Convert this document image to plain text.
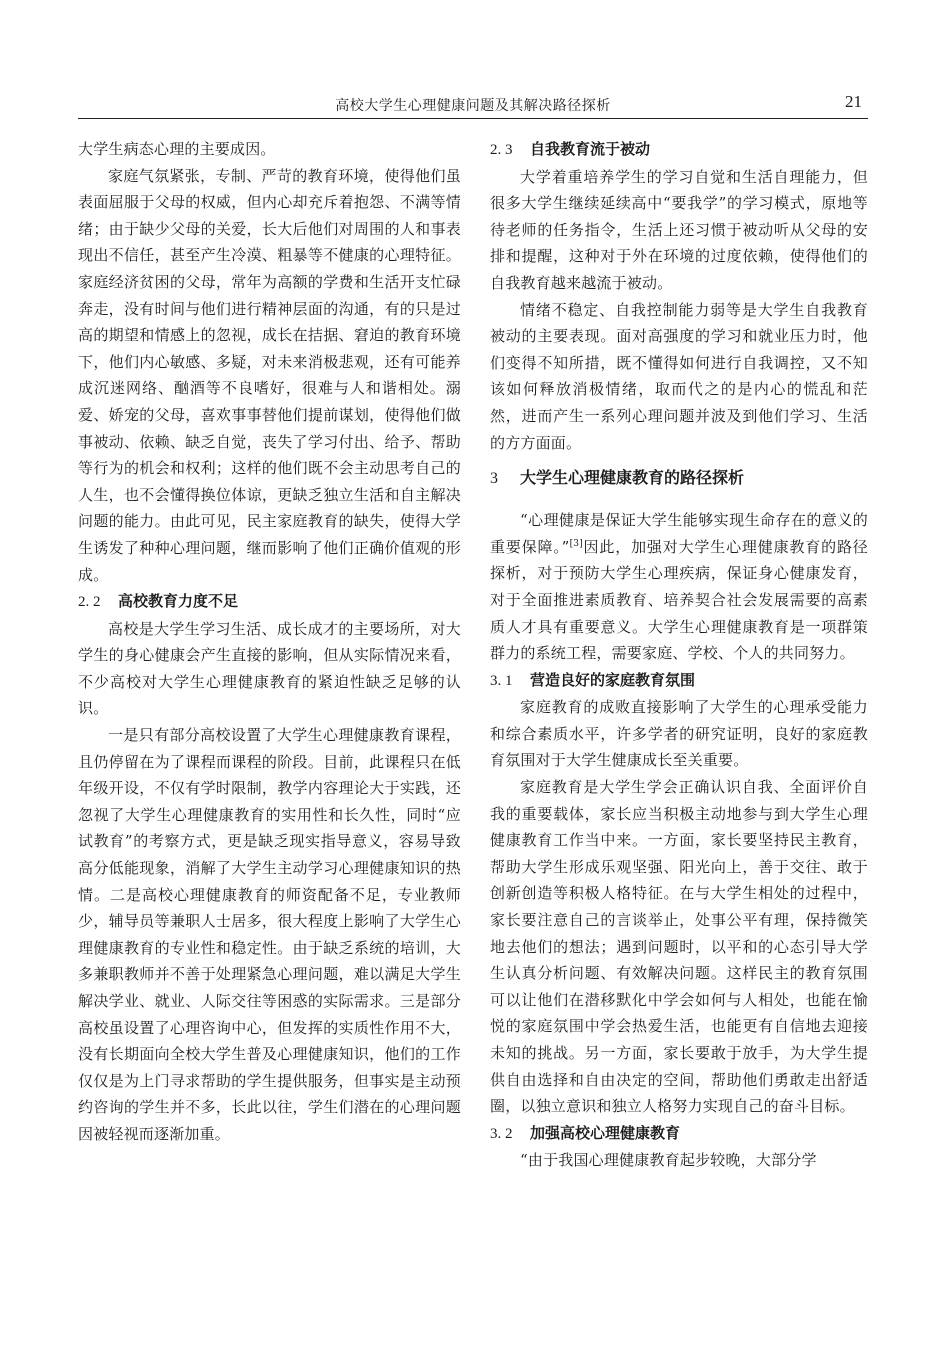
高校大学生心理健康问题及其解决路径探析	21

大学生病态心理的主要成因。

家庭气氛紧张，专制、严苛的教育环境，使得他们虽表面屈服于父母的权威，但内心却充斥着抱怨、不满等情绪；由于缺少父母的关爱，长大后他们对周围的人和事表现出不信任，甚至产生冷漠、粗暴等不健康的心理特征。家庭经济贫困的父母，常年为高额的学费和生活开支忙碌奔走，没有时间与他们进行精神层面的沟通，有的只是过高的期望和情感上的忽视，成长在拮据、窘迫的教育环境下，他们内心敏感、多疑，对未来消极悲观，还有可能养成沉迷网络、酗酒等不良嗜好，很难与人和谐相处。溺爱、娇宠的父母，喜欢事事替他们提前谋划，使得他们做事被动、依赖、缺乏自觉，丧失了学习付出、给予、帮助等行为的机会和权利；这样的他们既不会主动思考自己的人生，也不会懂得换位体谅，更缺乏独立生活和自主解决问题的能力。由此可见，民主家庭教育的缺失，使得大学生诱发了种种心理问题，继而影响了他们正确价值观的形成。

2. 2 高校教育力度不足

高校是大学生学习生活、成长成才的主要场所，对大学生的身心健康会产生直接的影响，但从实际情况来看，不少高校对大学生心理健康教育的紧迫性缺乏足够的认识。

一是只有部分高校设置了大学生心理健康教育课程，且仍停留在为了课程而课程的阶段。目前，此课程只在低年级开设，不仅有学时限制，教学内容理论大于实践，还忽视了大学生心理健康教育的实用性和长久性，同时“应试教育”的考察方式，更是缺乏现实指导意义，容易导致高分低能现象，消解了大学生主动学习心理健康知识的热情。二是高校心理健康教育的师资配备不足，专业教师少，辅导员等兼职人士居多，很大程度上影响了大学生心理健康教育的专业性和稳定性。由于缺乏系统的培训，大多兼职教师并不善于处理紧急心理问题，难以满足大学生解决学业、就业、人际交往等困惑的实际需求。三是部分高校虽设置了心理咨询中心，但发挥的实质性作用不大，没有长期面向全校大学生普及心理健康知识，他们的工作仅仅是为上门寻求帮助的学生提供服务，但事实是主动预约咨询的学生并不多，长此以往，学生们潜在的心理问题因被轻视而逐渐加重。

2. 3 自我教育流于被动

大学着重培养学生的学习自觉和生活自理能力，但很多大学生继续延续高中“要我学”的学习模式，原地等待老师的任务指令，生活上还习惯于被动听从父母的安排和提醒，这种对于外在环境的过度依赖，使得他们的自我教育越来越流于被动。

情绪不稳定、自我控制能力弱等是大学生自我教育被动的主要表现。面对高强度的学习和就业压力时，他们变得不知所措，既不懂得如何进行自我调控，又不知该如何释放消极情绪，取而代之的是内心的慌乱和茫然，进而产生一系列心理问题并波及到他们学习、生活的方方面面。

3 大学生心理健康教育的路径探析

“心理健康是保证大学生能够实现生命存在的意义的重要保障。”[3]因此，加强对大学生心理健康教育的路径探析，对于预防大学生心理疾病，保证身心健康发育，对于全面推进素质教育、培养契合社会发展需要的高素质人才具有重要意义。大学生心理健康教育是一项群策群力的系统工程，需要家庭、学校、个人的共同努力。

3. 1 营造良好的家庭教育氛围

家庭教育的成败直接影响了大学生的心理承受能力和综合素质水平，许多学者的研究证明，良好的家庭教育氛围对于大学生健康成长至关重要。

家庭教育是大学生学会正确认识自我、全面评价自我的重要载体，家长应当积极主动地参与到大学生心理健康教育工作当中来。一方面，家长要坚持民主教育，帮助大学生形成乐观坚强、阳光向上，善于交往、敢于创新创造等积极人格特征。在与大学生相处的过程中，家长要注意自己的言谈举止，处事公平有理，保持微笑地去他们的想法；遇到问题时，以平和的心态引导大学生认真分析问题、有效解决问题。这样民主的教育氛围可以让他们在潜移默化中学会如何与人相处，也能在愉悦的家庭氛围中学会热爱生活，也能更有自信地去迎接未知的挑战。另一方面，家长要敢于放手，为大学生提供自由选择和自由决定的空间，帮助他们勇敢走出舒适圈，以独立意识和独立人格努力实现自己的奋斗目标。

3. 2 加强高校心理健康教育

“由于我国心理健康教育起步较晚，大部分学
